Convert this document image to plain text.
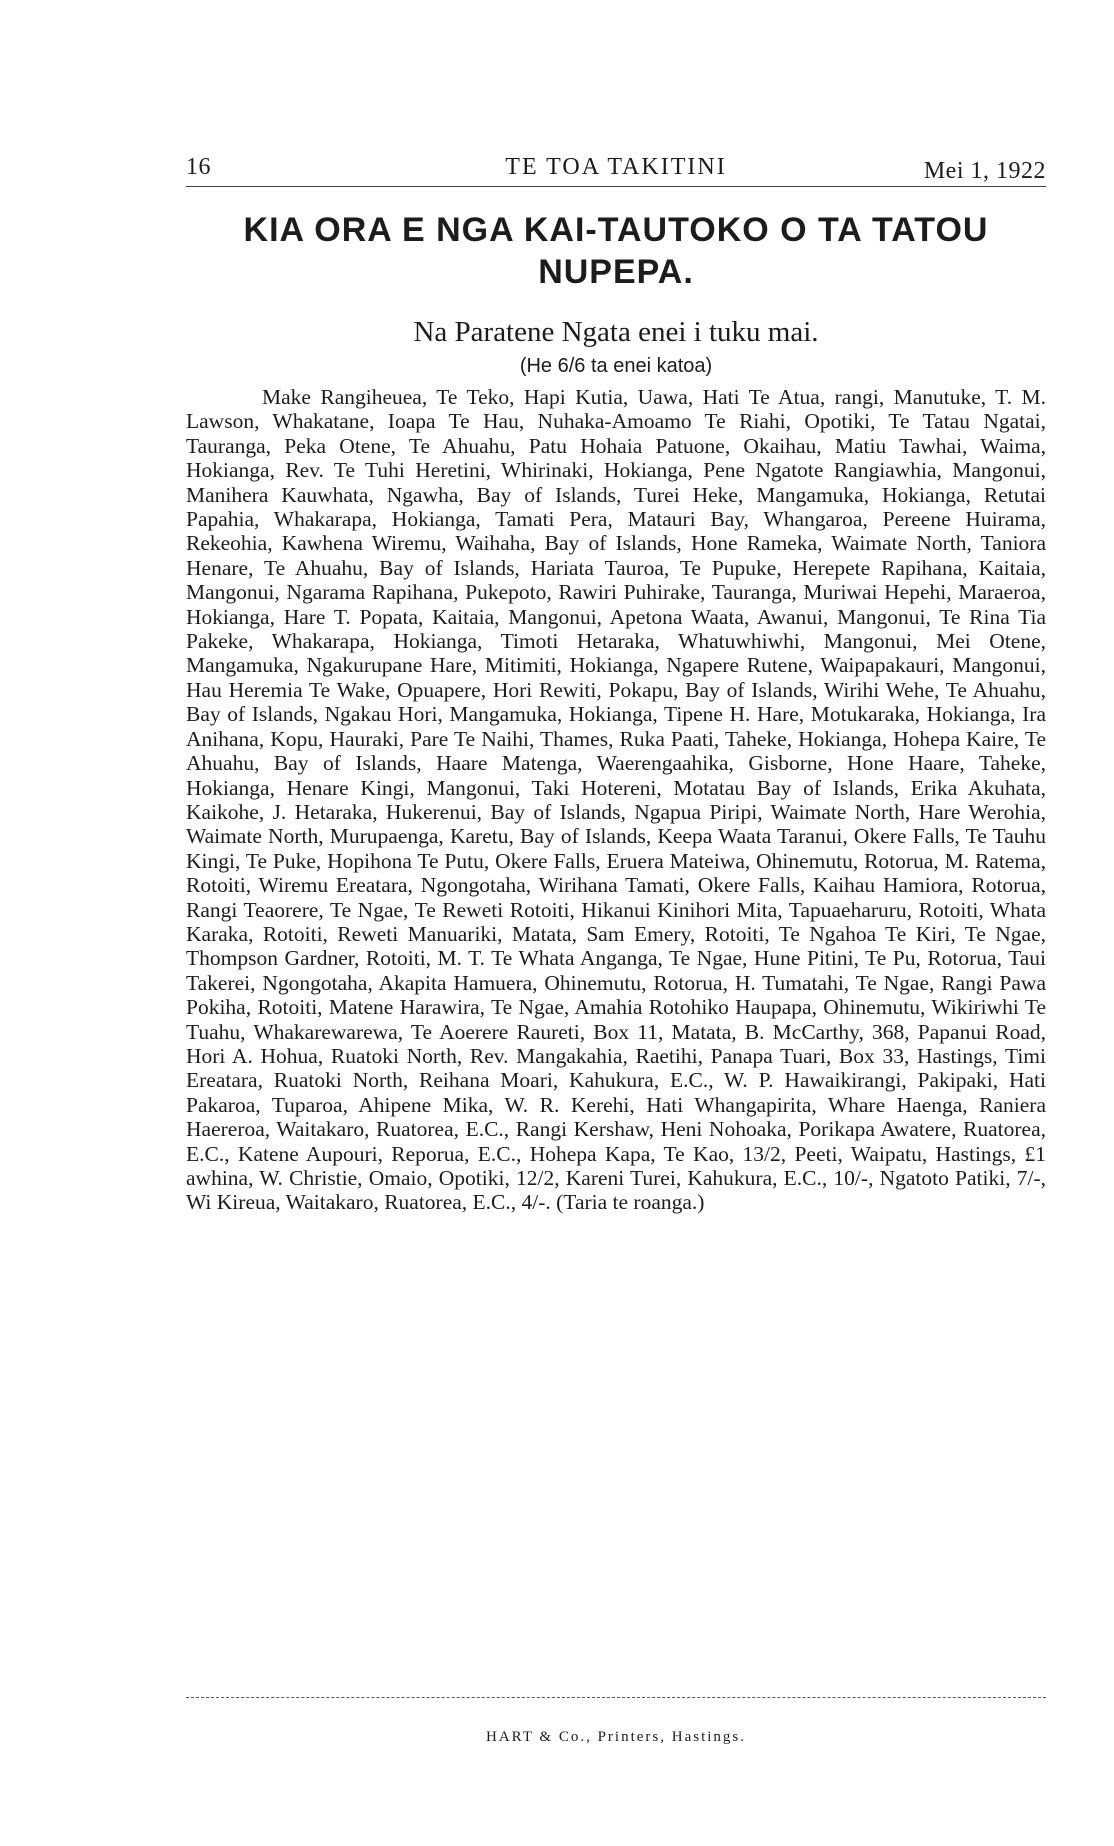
16	TE TOA TAKITINI	Mei 1, 1922
KIA ORA E NGA KAI-TAUTOKO O TA TATOU NUPEPA.
Na Paratene Ngata enei i tuku mai.
(He 6/6 ta enei katoa)
Make Rangiheuea, Te Teko, Hapi Kutia, Uawa, Hati Te Atua, rangi, Manutuke, T. M. Lawson, Whakatane, Ioapa Te Hau, Nuhaka-Amoamo Te Riahi, Opotiki, Te Tatau Ngatai, Tauranga, Peka Otene, Te Ahuahu, Patu Hohaia Patuone, Okaihau, Matiu Tawhai, Waima, Hokianga, Rev. Te Tuhi Heretini, Whirinaki, Hokianga, Pene Ngatote Rangiawhia, Mangonui, Manihera Kauwhata, Ngawha, Bay of Islands, Turei Heke, Mangamuka, Hokianga, Retutai Papahia, Whakarapa, Hokianga, Tamati Pera, Matauri Bay, Whangaroa, Pereene Huirama, Rekeohia, Kawhena Wiremu, Waihaha, Bay of Islands, Hone Rameka, Waimate North, Taniora Henare, Te Ahuahu, Bay of Islands, Hariata Tauroa, Te Pupuke, Herepete Rapihana, Kaitaia, Mangonui, Ngarama Rapihana, Pukepoto, Rawiri Puhirake, Tauranga, Muriwai Hepehi, Maraeroa, Hokianga, Hare T. Popata, Kaitaia, Mangonui, Apetona Waata, Awanui, Mangonui, Te Rina Tia Pakeke, Whakarapa, Hokianga, Timoti Hetaraka, Whatuwhiwhi, Mangonui, Mei Otene, Mangamuka, Ngakurupane Hare, Mitimiti, Hokianga, Ngapere Rutene, Waipapakauri, Mangonui, Hau Heremia Te Wake, Opuapere, Hori Rewiti, Pokapu, Bay of Islands, Wirihi Wehe, Te Ahuahu, Bay of Islands, Ngakau Hori, Mangamuka, Hokianga, Tipene H. Hare, Motukaraka, Hokianga, Ira Anihana, Kopu, Hauraki, Pare Te Naihi, Thames, Ruka Paati, Taheke, Hokianga, Hohepa Kaire, Te Ahuahu, Bay of Islands, Haare Matenga, Waerengaahika, Gisborne, Hone Haare, Taheke, Hokianga, Henare Kingi, Mangonui, Taki Hotereni, Motatau Bay of Islands, Erika Akuhata, Kaikohe, J. Hetaraka, Hukerenui, Bay of Islands, Ngapua Piripi, Waimate North, Hare Werohia, Waimate North, Murupaenga, Karetu, Bay of Islands, Keepa Waata Taranui, Okere Falls, Te Tauhu Kingi, Te Puke, Hopihona Te Putu, Okere Falls, Eruera Mateiwa, Ohinemutu, Rotorua, M. Ratema, Rotoiti, Wiremu Ereatara, Ngongotaha, Wirihana Tamati, Okere Falls, Kaihau Hamiora, Rotorua, Rangi Teaorere, Te Ngae, Te Reweti Rotoiti, Hikanui Kinihori Mita, Tapuaeharuru, Rotoiti, Whata Karaka, Rotoiti, Reweti Manuariki, Matata, Sam Emery, Rotoiti, Te Ngahoa Te Kiri, Te Ngae, Thompson Gardner, Rotoiti, M. T. Te Whata Anganga, Te Ngae, Hune Pitini, Te Pu, Rotorua, Taui Takerei, Ngongotaha, Akapita Hamuera, Ohinemutu, Rotorua, H. Tumatahi, Te Ngae, Rangi Pawa Pokiha, Rotoiti, Matene Harawira, Te Ngae, Amahia Rotohiko Haupapa, Ohinemutu, Wikiriwhi Te Tuahu, Whakarewarewa, Te Aoerere Raureti, Box 11, Matata, B. McCarthy, 368, Papanui Road, Hori A. Hohua, Ruatoki North, Rev. Mangakahia, Raetihi, Panapa Tuari, Box 33, Hastings, Timi Ereatara, Ruatoki North, Reihana Moari, Kahukura, E.C., W. P. Hawaikirangi, Pakipaki, Hati Pakaroa, Tuparoa, Ahipene Mika, W. R. Kerehi, Hati Whangapirita, Whare Haenga, Raniera Haereroa, Waitakaro, Ruatorea, E.C., Rangi Kershaw, Heni Nohoaka, Porikapa Awatere, Ruatorea, E.C., Katene Aupouri, Reporua, E.C., Hohepa Kapa, Te Kao, 13/2, Peeti, Waipatu, Hastings, £1 awhina, W. Christie, Omaio, Opotiki, 12/2, Kareni Turei, Kahukura, E.C., 10/-, Ngatoto Patiki, 7/-, Wi Kireua, Waitakaro, Ruatorea, E.C., 4/-. (Taria te roanga.)
HART & Co., Printers, Hastings.
